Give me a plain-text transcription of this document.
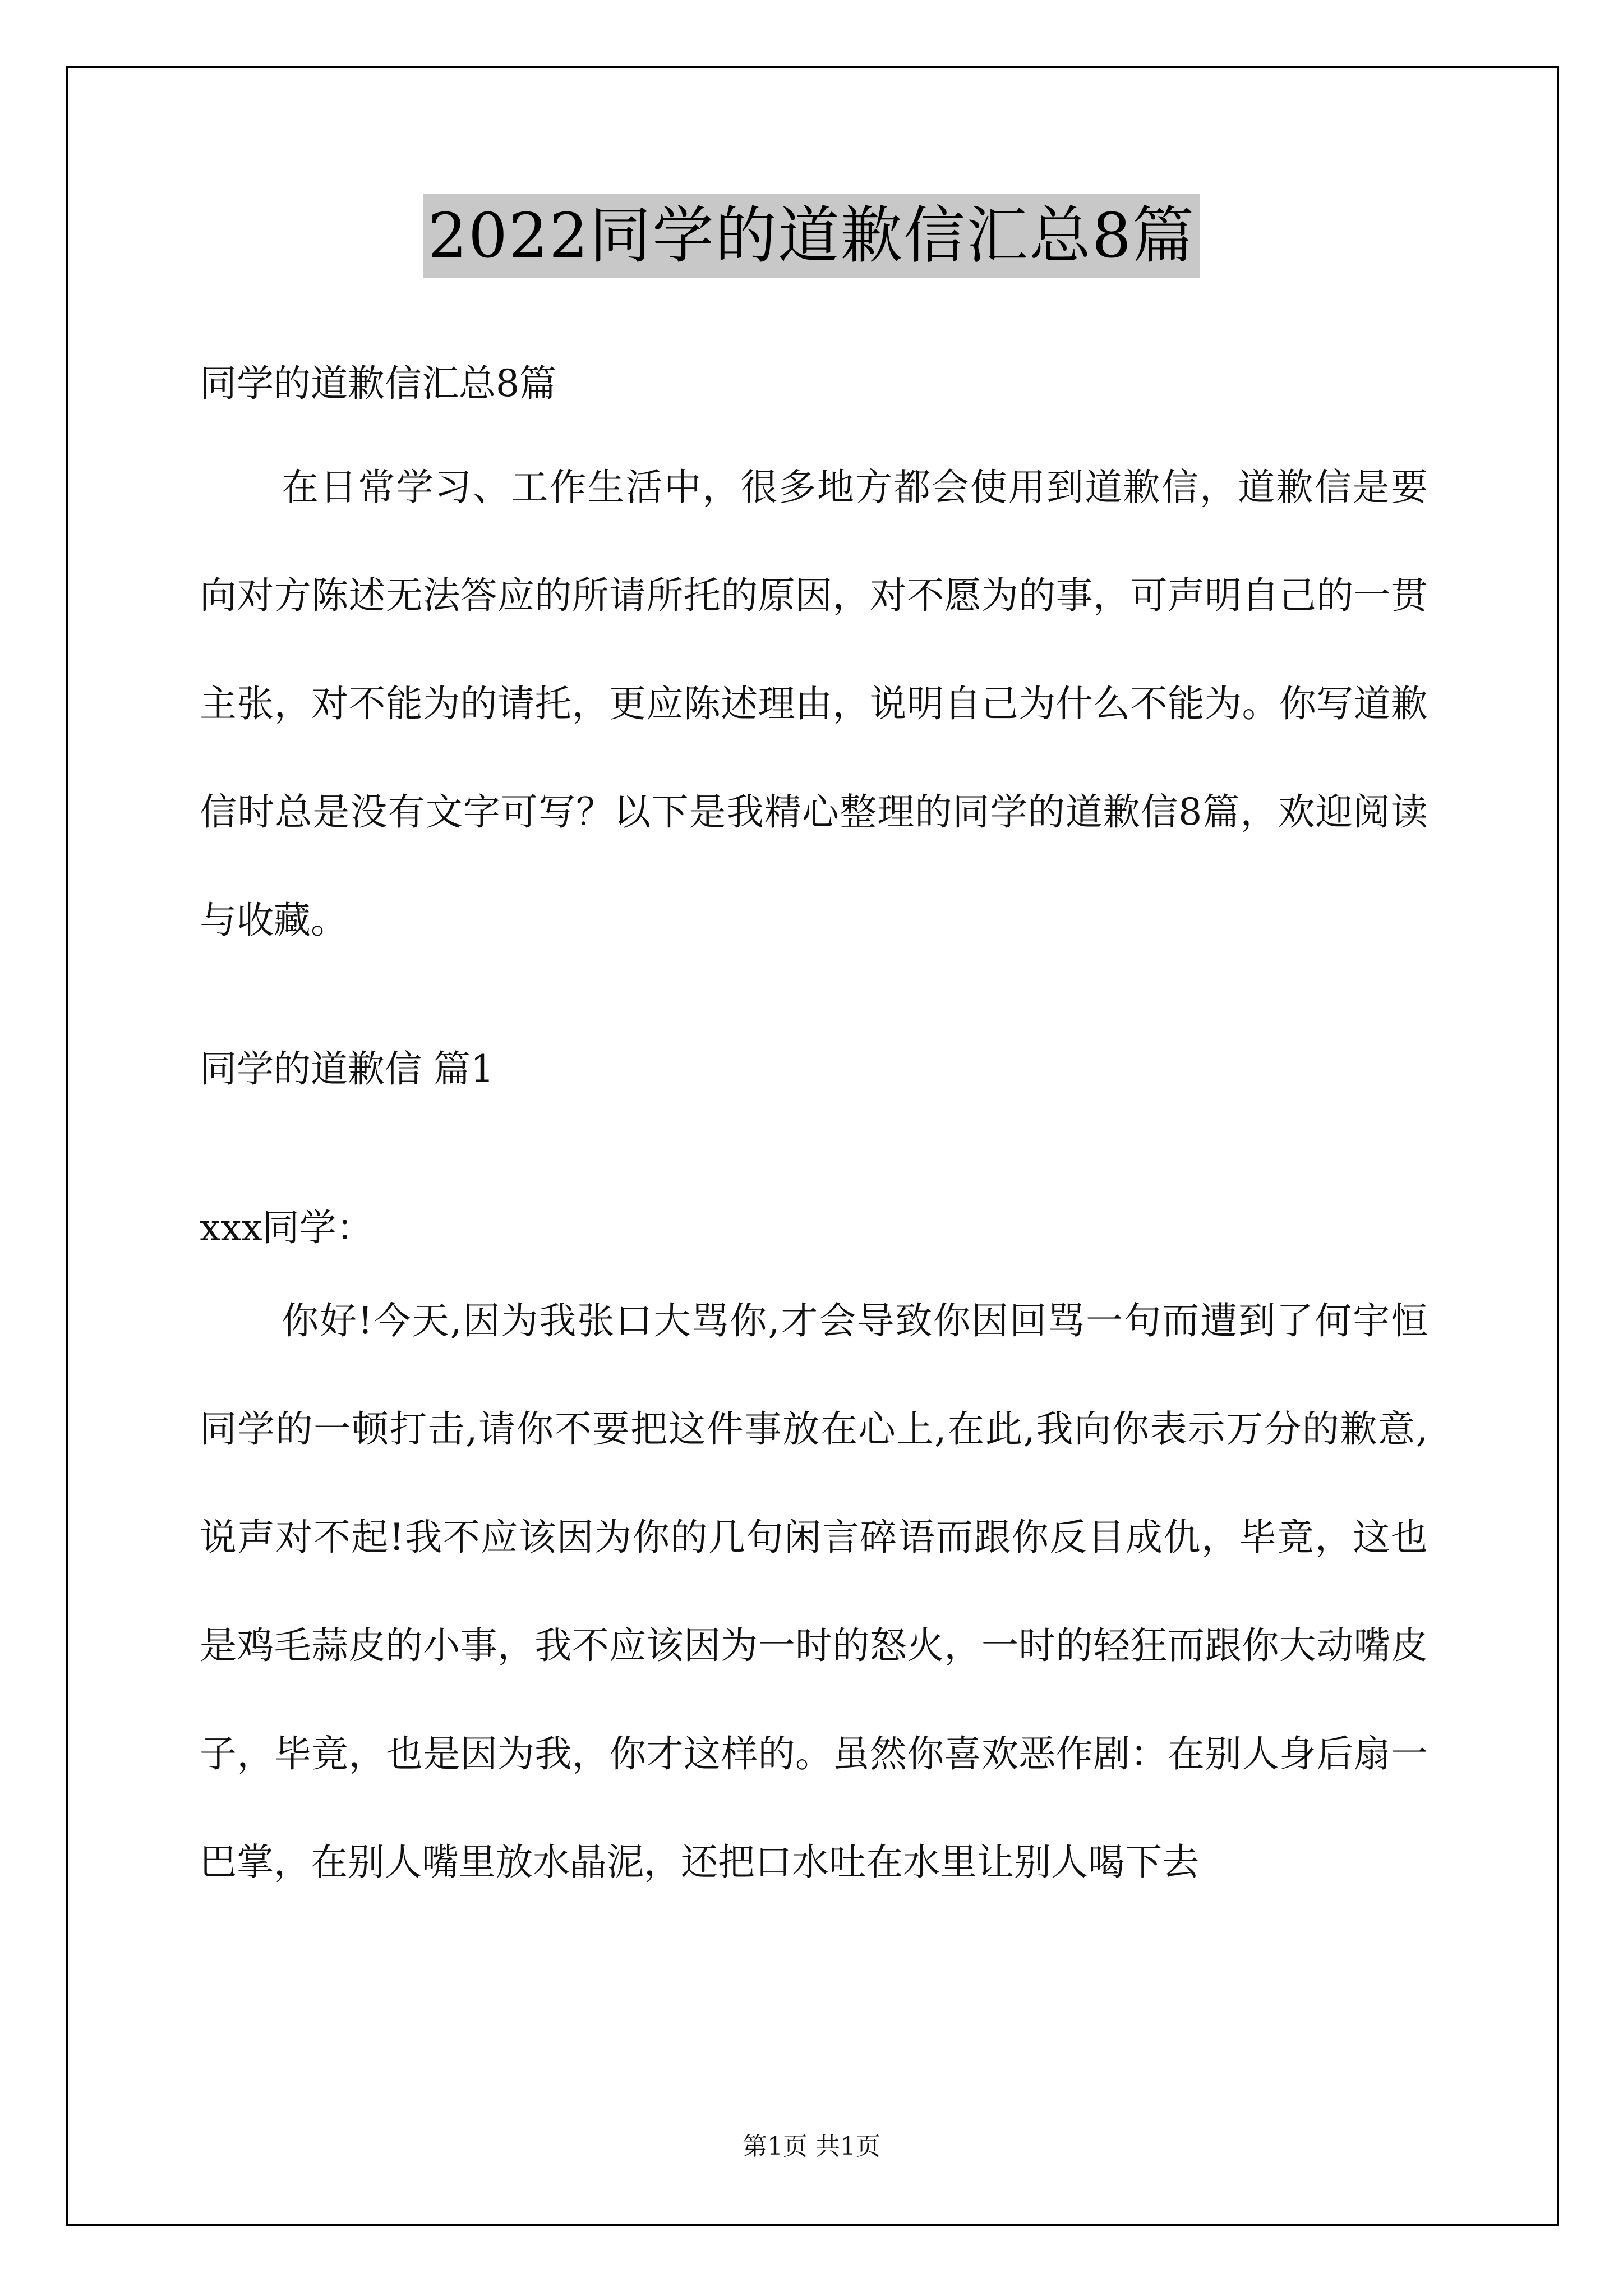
2022同学的道歉信汇总8篇
同学的道歉信汇总8篇

在日常学习、工作生活中，很多地方都会使用到道歉信，道歉信是要向对方陈述无法答应的所请所托的原因，对不愿为的事，可声明自己的一贯主张，对不能为的请托，更应陈述理由，说明自己为什么不能为。你写道歉信时总是没有文字可写？以下是我精心整理的同学的道歉信8篇，欢迎阅读与收藏。

同学的道歉信 篇1
xxx同学：

你好!今天,因为我张口大骂你,才会导致你因回骂一句而遭到了何宇恒同学的一顿打击,请你不要把这件事放在心上,在此,我向你表示万分的歉意,说声对不起!我不应该因为你的几句闲言碎语而跟你反目成仇，毕竟，这也是鸡毛蒜皮的小事，我不应该因为一时的怒火，一时的轻狂而跟你大动嘴皮子，毕竟，也是因为我，你才这样的。虽然你喜欢恶作剧：在别人身后扇一巴掌，在别人嘴里放水晶泥，还把口水吐在水里让别人喝下去

第1页 共1页
